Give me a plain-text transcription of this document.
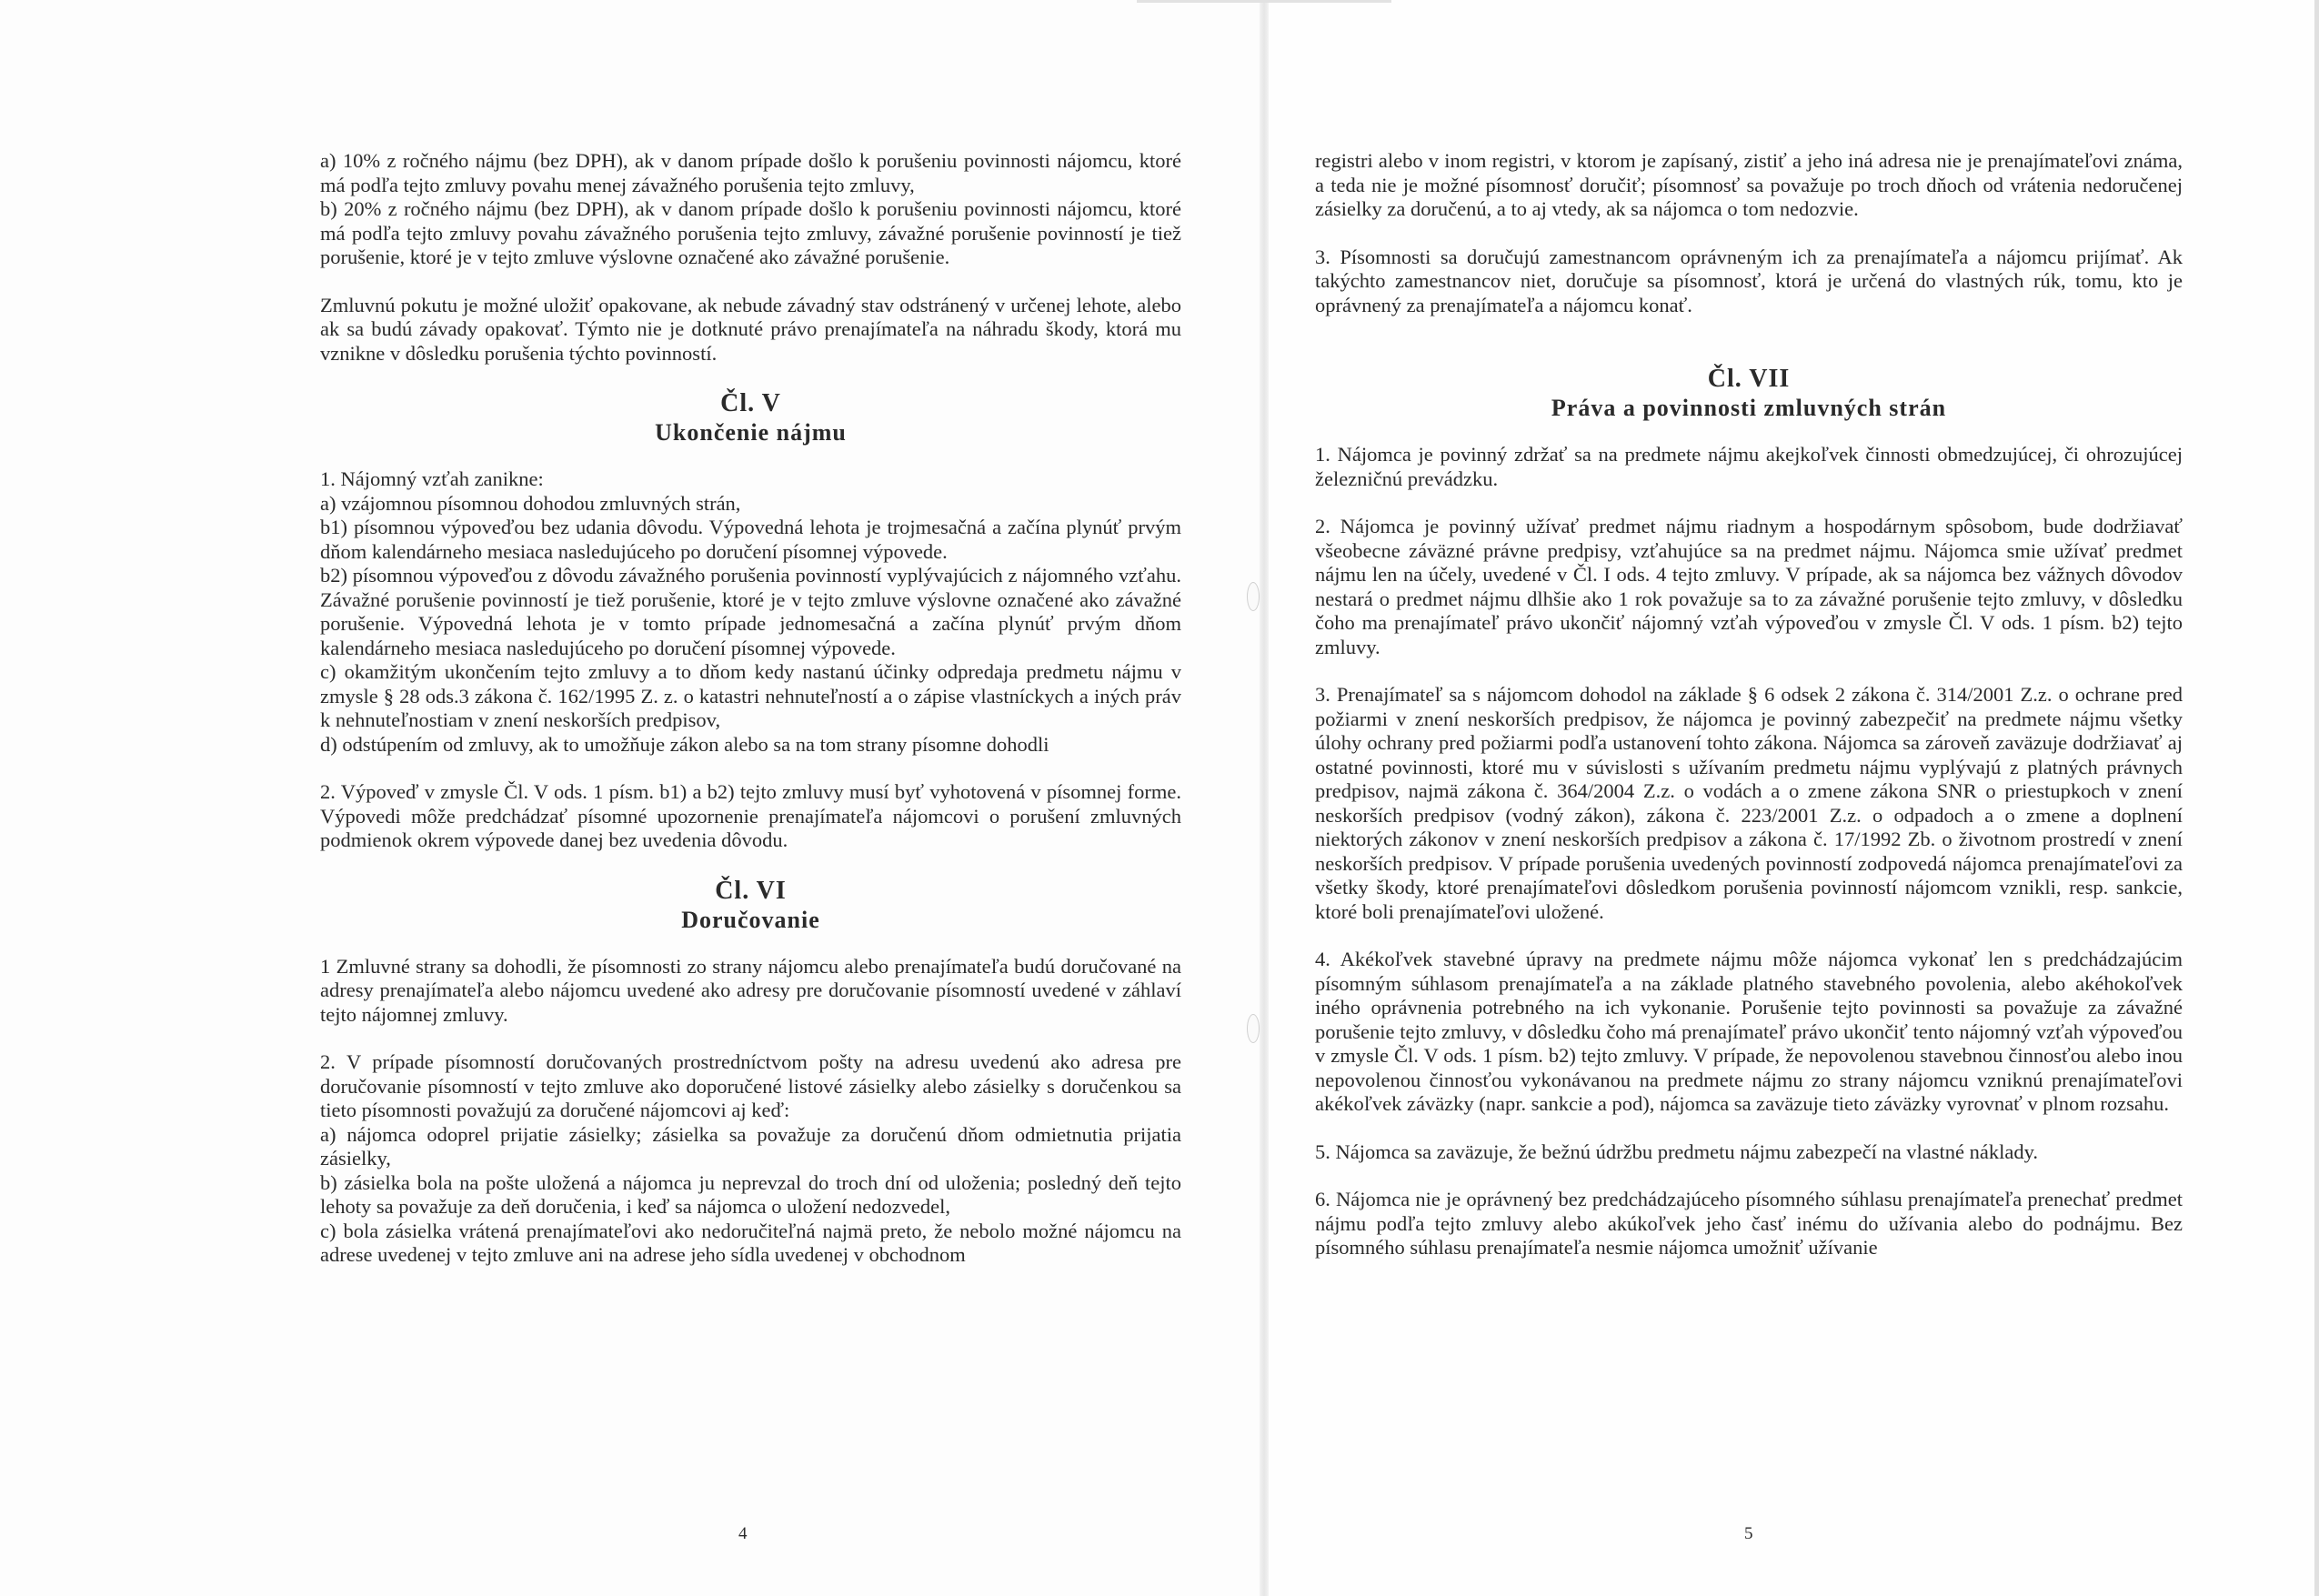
a) 10% z ročného nájmu (bez DPH), ak v danom prípade došlo k porušeniu povinnosti nájomcu, ktoré má podľa tejto zmluvy povahu menej závažného porušenia tejto zmluvy,

b) 20% z ročného nájmu (bez DPH), ak v danom prípade došlo k porušeniu povinnosti nájomcu, ktoré má podľa tejto zmluvy povahu závažného porušenia tejto zmluvy, závažné porušenie povinností je tiež porušenie, ktoré je v tejto zmluve výslovne označené ako závažné porušenie.

Zmluvnú pokutu je možné uložiť opakovane, ak nebude závadný stav odstránený v určenej lehote, alebo ak sa budú závady opakovať. Týmto nie je dotknuté právo prenajímateľa na náhradu škody, ktorá mu vznikne v dôsledku porušenia týchto povinností.

Čl. V

Ukončenie nájmu

1. Nájomný vzťah zanikne:

a) vzájomnou písomnou dohodou zmluvných strán,

b1) písomnou výpoveďou bez udania dôvodu. Výpovedná lehota je trojmesačná a začína plynúť prvým dňom kalendárneho mesiaca nasledujúceho po doručení písomnej výpovede.

b2) písomnou výpoveďou z dôvodu závažného porušenia povinností vyplývajúcich z nájomného vzťahu. Závažné porušenie povinností je tiež porušenie, ktoré je v tejto zmluve výslovne označené ako závažné porušenie. Výpovedná lehota je v tomto prípade jednomesačná a začína plynúť prvým dňom kalendárneho mesiaca nasledujúceho po doručení písomnej výpovede.

c) okamžitým ukončením tejto zmluvy a to dňom kedy nastanú účinky odpredaja predmetu nájmu v zmysle § 28 ods.3 zákona č. 162/1995 Z. z. o katastri nehnuteľností a o zápise vlastníckych a iných práv k nehnuteľnostiam v znení neskorších predpisov,

d) odstúpením od zmluvy, ak to umožňuje zákon alebo sa na tom strany písomne dohodli

2. Výpoveď v zmysle Čl. V ods. 1 písm. b1) a b2) tejto zmluvy musí byť vyhotovená v písomnej forme. Výpovedi môže predchádzať písomné upozornenie prenajímateľa nájomcovi o porušení zmluvných podmienok okrem výpovede danej bez uvedenia dôvodu.

Čl. VI

Doručovanie

1 Zmluvné strany sa dohodli, že písomnosti zo strany nájomcu alebo prenajímateľa budú doručované na adresy prenajímateľa alebo nájomcu uvedené ako adresy pre doručovanie písomností uvedené v záhlaví tejto nájomnej zmluvy.

2. V prípade písomností doručovaných prostredníctvom pošty na adresu uvedenú ako adresa pre doručovanie písomností v tejto zmluve ako doporučené listové zásielky alebo zásielky s doručenkou sa tieto písomnosti považujú za doručené nájomcovi aj keď:

a) nájomca odoprel prijatie zásielky; zásielka sa považuje za doručenú dňom odmietnutia prijatia zásielky,

b) zásielka bola na pošte uložená a nájomca ju neprevzal do troch dní od uloženia; posledný deň tejto lehoty sa považuje za deň doručenia, i keď sa nájomca o uložení nedozvedel,

c) bola zásielka vrátená prenajímateľovi ako nedoručiteľná najmä preto, že nebolo možné nájomcu na adrese uvedenej v tejto zmluve ani na adrese jeho sídla uvedenej v obchodnom

4

registri alebo v inom registri, v ktorom je zapísaný, zistiť a jeho iná adresa nie je prenajímateľovi známa, a teda nie je možné písomnosť doručiť; písomnosť sa považuje po troch dňoch od vrátenia nedoručenej zásielky za doručenú, a to aj vtedy, ak sa nájomca o tom nedozvie.

3. Písomnosti sa doručujú zamestnancom oprávneným ich za prenajímateľa a nájomcu prijímať. Ak takýchto zamestnancov niet, doručuje sa písomnosť, ktorá je určená do vlastných rúk, tomu, kto je oprávnený za prenajímateľa a nájomcu konať.

Čl. VII

Práva a povinnosti zmluvných strán

1. Nájomca je povinný zdržať sa na predmete nájmu akejkoľvek činnosti obmedzujúcej, či ohrozujúcej železničnú prevádzku.

2. Nájomca je povinný užívať predmet nájmu riadnym a hospodárnym spôsobom, bude dodržiavať všeobecne záväzné právne predpisy, vzťahujúce sa na predmet nájmu. Nájomca smie užívať predmet nájmu len na účely, uvedené v Čl. I ods. 4 tejto zmluvy. V prípade, ak sa nájomca bez vážnych dôvodov nestará o predmet nájmu dlhšie ako 1 rok považuje sa to za závažné porušenie tejto zmluvy, v dôsledku čoho ma prenajímateľ právo ukončiť nájomný vzťah výpoveďou v zmysle Čl. V ods. 1 písm. b2) tejto zmluvy.

3. Prenajímateľ sa s nájomcom dohodol na základe § 6 odsek 2 zákona č. 314/2001 Z.z. o ochrane pred požiarmi v znení neskorších predpisov, že nájomca je povinný zabezpečiť na predmete nájmu všetky úlohy ochrany pred požiarmi podľa ustanovení tohto zákona. Nájomca sa zároveň zaväzuje dodržiavať aj ostatné povinnosti, ktoré mu v súvislosti s užívaním predmetu nájmu vyplývajú z platných právnych predpisov, najmä zákona č. 364/2004 Z.z. o vodách a o zmene zákona SNR o priestupkoch v znení neskorších predpisov (vodný zákon), zákona č. 223/2001 Z.z. o odpadoch a o zmene a doplnení niektorých zákonov v znení neskorších predpisov a zákona č. 17/1992 Zb. o životnom prostredí v znení neskorších predpisov. V prípade porušenia uvedených povinností zodpovedá nájomca prenajímateľovi za všetky škody, ktoré prenajímateľovi dôsledkom porušenia povinností nájomcom vznikli, resp. sankcie, ktoré boli prenajímateľovi uložené.

4. Akékoľvek stavebné úpravy na predmete nájmu môže nájomca vykonať len s predchádzajúcim písomným súhlasom prenajímateľa a na základe platného stavebného povolenia, alebo akéhokoľvek iného oprávnenia potrebného na ich vykonanie. Porušenie tejto povinnosti sa považuje za závažné porušenie tejto zmluvy, v dôsledku čoho má prenajímateľ právo ukončiť tento nájomný vzťah výpoveďou v zmysle Čl. V ods. 1 písm. b2) tejto zmluvy. V prípade, že nepovolenou stavebnou činnosťou alebo inou nepovolenou činnosťou vykonávanou na predmete nájmu zo strany nájomcu vzniknú prenajímateľovi akékoľvek záväzky (napr. sankcie a pod), nájomca sa zaväzuje tieto záväzky vyrovnať v plnom rozsahu.

5. Nájomca sa zaväzuje, že bežnú údržbu predmetu nájmu zabezpečí na vlastné náklady.

6. Nájomca nie je oprávnený bez predchádzajúceho písomného súhlasu prenajímateľa prenechať predmet nájmu podľa tejto zmluvy alebo akúkoľvek jeho časť inému do užívania alebo do podnájmu. Bez písomného súhlasu prenajímateľa nesmie nájomca umožniť užívanie

5
